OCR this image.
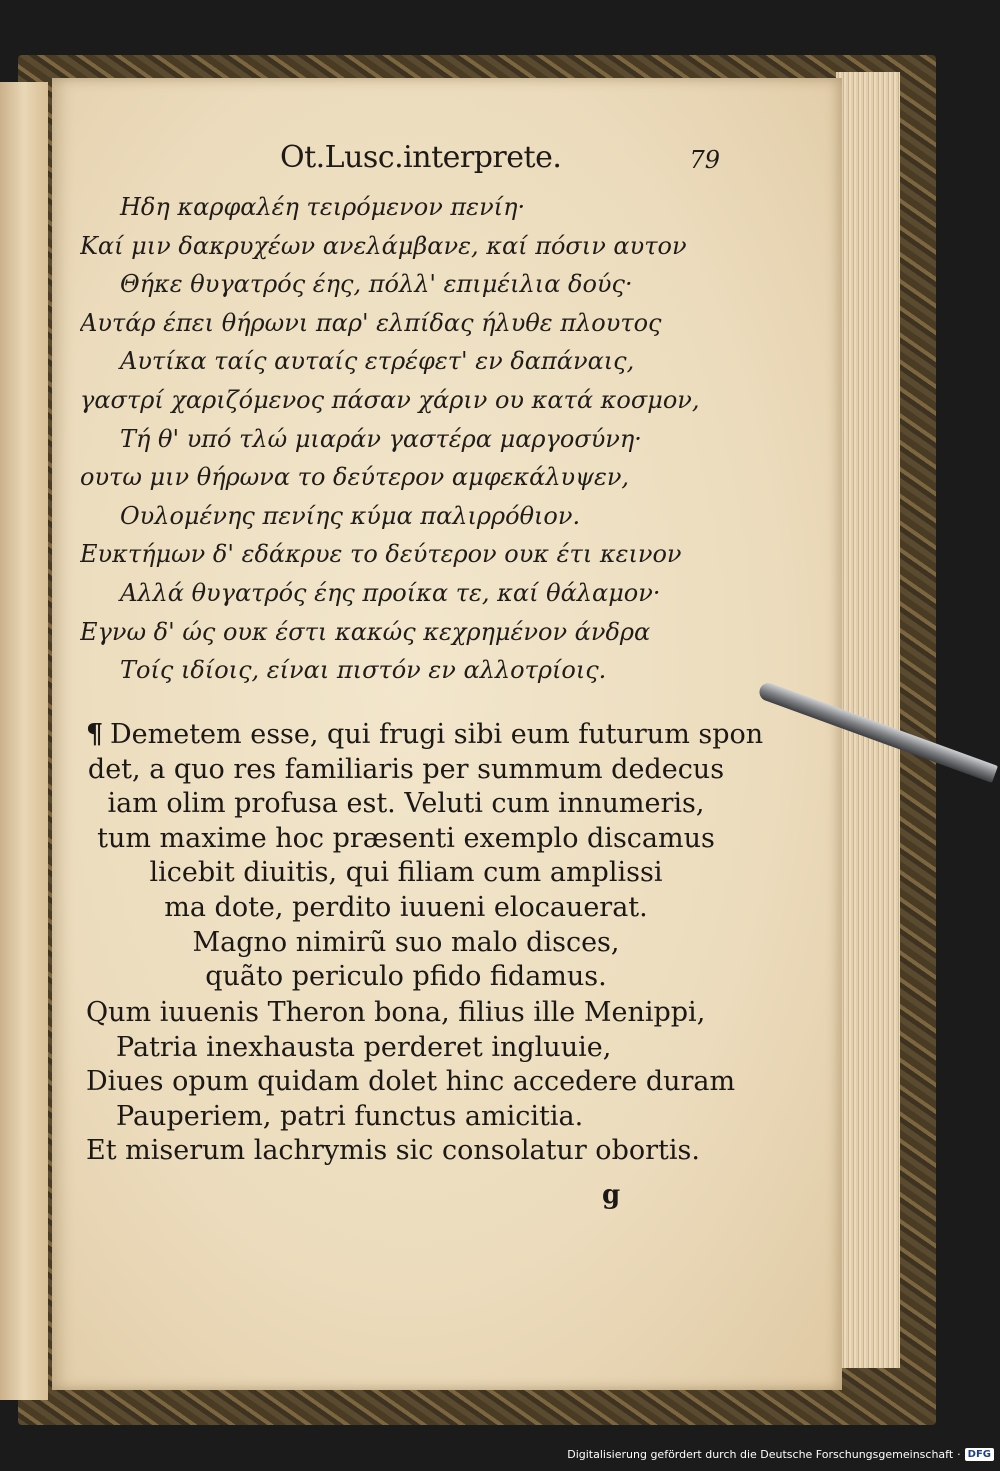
Ot.Lusc.interprete.	79
Ηδη καρφαλέη τειρόμενον πενίη·
Καί μιν δακρυχέων ανελάμβανε, καί πόσιν αυτον
Θήκε θυγατρός έης, πόλλ' επιμέιλια δούς·
Αυτάρ έπει θήρωνι παρ' ελπίδας ήλυθε πλουτος
Αυτίκα ταίς αυταίς ετρέφετ' εν δαπάναις,
γαστρί χαριζόμενος πάσαν χάριν ου κατά κοσμον,
Τή θ' υπό τλώ μιαράν γαστέρα μαργοσύνη·
ουτω μιν θήρωνα το δεύτερον αμφεκάλυψεν,
Ουλομένης πενίης κύμα παλιρρόθιον.
Ευκτήμων δ' εδάκρυε το δεύτερον ουκ έτι κεινον
Αλλά θυγατρός έης προίκα τε, καί θάλαμον·
Εγνω δ' ώς ουκ έστι κακώς κεχρημένον άνδρα
Τοίς ιδίοις, είναι πιστόν εν αλλοτρίοις.
¶ Demetem esse, qui frugi sibi eum futurum spon
det, a quo res familiaris per summum dedecus
iam olim profusa est. Veluti cum innumeris,
tum maxime hoc præsenti exemplo discamus
licebit diuitis, qui filiam cum amplissi
ma dote, perdito iuueni elocauerat.
Magno nimirũ suo malo disces,
quãto periculo pfido fidamus.
Qum iuuenis Theron bona, filius ille Menippi,
Patria inexhausta perderet ingluuie,
Diues opum quidam dolet hinc accedere duram
Pauperiem, patri functus amicitia.
Et miserum lachrymis sic consolatur obortis.
g
Digitalisierung gefördert durch die Deutsche Forschungsgemeinschaft · DFG
